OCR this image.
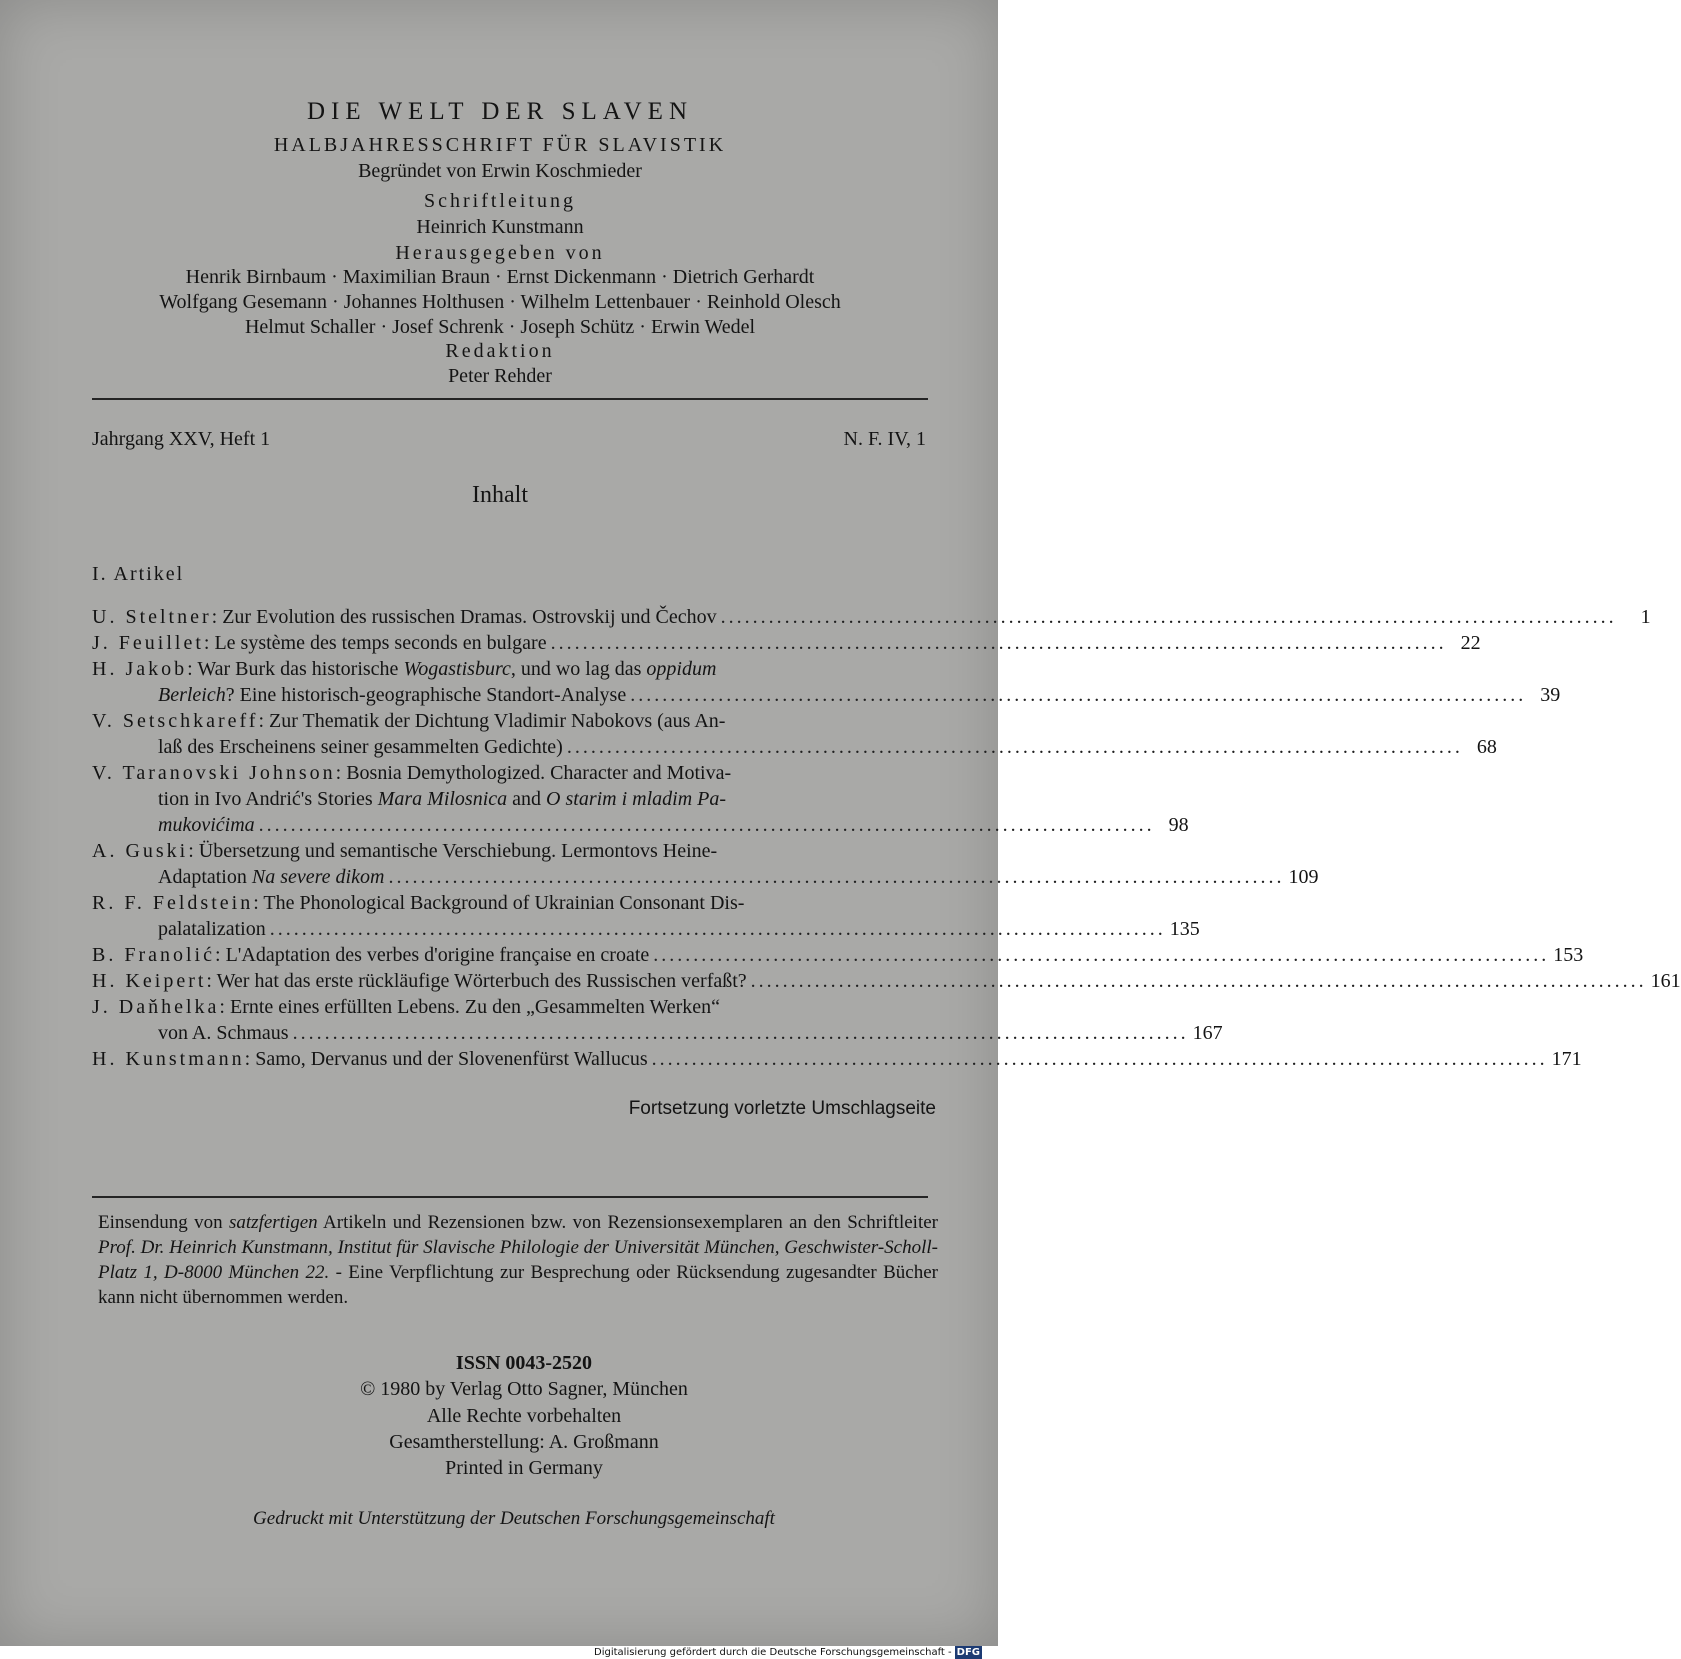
DIE WELT DER SLAVEN
HALBJAHRESSCHRIFT FÜR SLAVISTIK
Begründet von Erwin Koschmieder
Schriftleitung
Heinrich Kunstmann
Herausgegeben von
Henrik Birnbaum · Maximilian Braun · Ernst Dickenmann · Dietrich Gerhardt
Wolfgang Gesemann · Johannes Holthusen · Wilhelm Lettenbauer · Reinhold Olesch
Helmut Schaller · Josef Schrenk · Joseph Schütz · Erwin Wedel
Redaktion
Peter Rehder
Jahrgang XXV, Heft 1	N. F. IV, 1
Inhalt
I. Artikel
U. Steltner: Zur Evolution des russischen Dramas. Ostrovskij und Čechov ................................................................................................................	1
J. Feuillet: Le système des temps seconds en bulgare ................................................................................................................ 22
H. Jakob: War Burk das historische Wogastisburc, und wo lag das oppidum
Berleich? Eine historisch-geographische Standort-Analyse ................................................................................................................ 39
V. Setschkareff: Zur Thematik der Dichtung Vladimir Nabokovs (aus An-
laß des Erscheinens seiner gesammelten Gedichte) ................................................................................................................ 68
V. Taranovski Johnson: Bosnia Demythologized. Character and Motiva-
tion in Ivo Andrić's Stories Mara Milosnica and O starim i mladim Pa-
mukovićima ................................................................................................................ 98
A. Guski: Übersetzung und semantische Verschiebung. Lermontovs Heine-
Adaptation Na severe dikom ................................................................................................................ 109
R. F. Feldstein: The Phonological Background of Ukrainian Consonant Dis-
palatalization ................................................................................................................ 135
B. Franolić: L'Adaptation des verbes d'origine française en croate ................................................................................................................ 153
H. Keipert: Wer hat das erste rückläufige Wörterbuch des Russischen verfaßt? ................................................................................................................ 161
J. Daňhelka: Ernte eines erfüllten Lebens. Zu den „Gesammelten Werken“
von A. Schmaus ................................................................................................................ 167
H. Kunstmann: Samo, Dervanus und der Slovenenfürst Wallucus ................................................................................................................ 171
Fortsetzung vorletzte Umschlagseite
Einsendung von satzfertigen Artikeln und Rezensionen bzw. von Rezensionsexemplaren an den Schriftleiter Prof. Dr. Heinrich Kunstmann, Institut für Slavische Philologie der Universität München, Geschwister-Scholl-Platz 1, D-8000 München 22. - Eine Verpflichtung zur Besprechung oder Rücksendung zugesandter Bücher kann nicht übernommen werden.
ISSN 0043-2520
© 1980 by Verlag Otto Sagner, München
Alle Rechte vorbehalten
Gesamtherstellung: A. Großmann
Printed in Germany
Gedruckt mit Unterstützung der Deutschen Forschungsgemeinschaft
Digitalisierung gefördert durch die Deutsche Forschungsgemeinschaft - DFG
